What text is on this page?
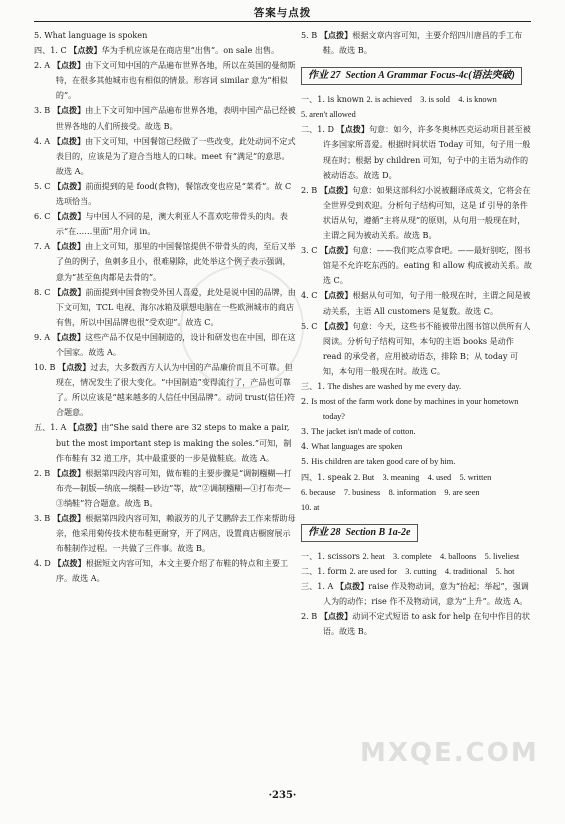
答案与点拨

5. What language is spoken

四、1. C 【点拨】华为手机应该是在商店里“出售”。on sale 出售。

2. A 【点拨】由下文可知中国的产品遍布世界各地，所以在英国的曼彻斯特，在很多其他城市也有相似的情景。形容词 similar 意为“相似的”。

3. B 【点拨】由上下文可知中国产品遍布世界各地，表明中国产品已经被世界各地的人们所接受。故选 B。

4. A 【点拨】由下文可知，中国餐馆已经做了一些改变，此处动词不定式表目的，应该是为了迎合当地人的口味。meet 有“满足”的意思。故选 A。

5. C 【点拨】前面提到的是 food(食物)，餐馆改变也应是“菜肴”。故 C 选项恰当。

6. C 【点拨】与中国人不同的是，澳大利亚人不喜欢吃带骨头的肉。表示“在……里面”用介词 in。

7. A 【点拨】由上文可知，那里的中国餐馆提供不带骨头的肉，至后又举了鱼的例子，鱼刺多且小，很难剔除，此处举这个例子表示强调，意为“甚至鱼肉都是去骨的”。

8. C 【点拨】前面提到中国食物受外国人喜爱，此处是说中国的品牌，由下文可知，TCL 电视、海尔冰箱及联想电脑在一些欧洲城市的商店有售，所以中国品牌也很“受欢迎”。故选 C。

9. A 【点拨】这些产品不仅是中国制造的，设计和研发也在中国，即在这个国家。故选 A。

10. B 【点拨】过去，大多数西方人认为中国的产品廉价而且不可靠。但现在，情况发生了很大变化。“中国制造”变得流行了，产品也可靠了。所以应该是“越来越多的人信任中国品牌”。动词 trust(信任)符合题意。

五、1. A 【点拨】由“She said there are 32 steps to make a pair, but the most important step is making the soles.”可知，制作布鞋有 32 道工序，其中最重要的一步是做鞋底。故选 A。

2. B 【点拨】根据第四段内容可知，做布鞋的主要步骤是“调制糨糊—打布壳—制版—纳底—绱鞋—砂边”等，故“②调制糨糊—①打布壳—③绱鞋”符合题意。故选 B。

3. B 【点拨】根据第四段内容可知，赖淑芳的儿子艾鹏辞去工作来帮助母亲，他采用菊传技术使布鞋更耐穿，开了网店，设置商店橱窗展示布鞋制作过程。一共做了三件事。故选 B。

4. D 【点拨】根据短文内容可知，本文主要介绍了布鞋的特点和主要工序。故选 A。

5. B 【点拨】根据文章内容可知，主要介绍四川唐昌的手工布鞋。故选 B。

作业 27 Section A Grammar Focus-4c(语法突破)

一、1. is known 2. is achieved　3. is sold　4. is known

5. aren't allowed

二、1. D 【点拨】句意：如今，许多冬奥林匹克运动项目甚至被许多国家所喜爱。根据时间状语 Today 可知，句子用一般现在时；根据 by children 可知，句子中的主语为动作的被动语态。故选 D。

2. B 【点拨】句意：如果这部科幻小说被翻译成英文，它将会在全世界受到欢迎。分析句子结构可知，这是 if 引导的条件状语从句，遵循“主将从现”的原则，从句用一般现在时，主谓之间为被动关系。故选 B。

3. C 【点拨】句意：——我们吃点零食吧。——最好别吃，图书馆是不允许吃东西的。eating 和 allow 构成被动关系。故选 C。

4. C 【点拨】根据从句可知，句子用一般现在时，主谓之间是被动关系，主语 All customers 是复数。故选 C。

5. C 【点拨】句意：今天，这些书不能被带出图书馆以供所有人阅读。分析句子结构可知，本句的主语 books 是动作 read 的承受者，应用被动语态，排除 B；从 today 可知，本句用一般现在时。故选 C。

三、1. The dishes are washed by me every day.

2. Is most of the farm work done by machines in your hometown today?

3. The jacket isn't made of cotton.

4. What languages are spoken

5. His children are taken good care of by him.

四、1. speak 2. But　3. meaning　4. used　5. written

6. because　7. business　8. information　9. are seen

10. at

作业 28 Section B 1a-2e

一、1. scissors 2. heat　3. complete　4. balloons　5. liveliest

二、1. form 2. are used for　3. cutting　4. traditional　5. hot

三、1. A 【点拨】raise 作及物动词，意为“抬起；举起”，强调人为的动作；rise 作不及物动词，意为“上升”。故选 A。

2. B 【点拨】动词不定式短语 to ask for help 在句中作目的状语。故选 B。

MXQE.COM
·235·
